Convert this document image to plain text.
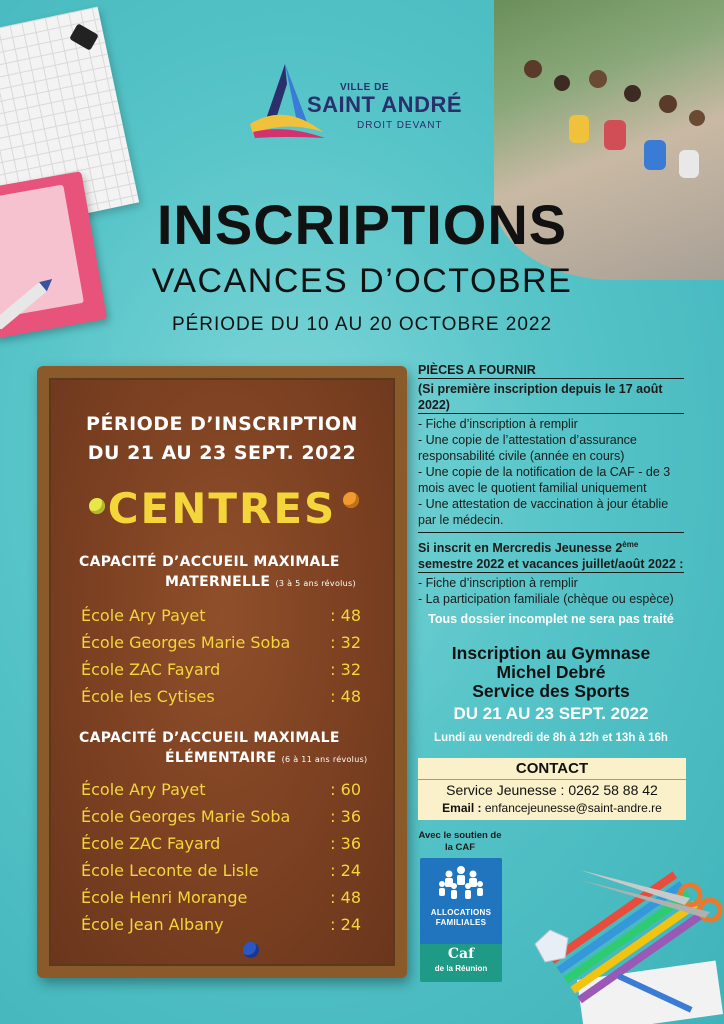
VILLE DE
SAINT ANDRÉ
DROIT DEVANT
INSCRIPTIONS
VACANCES D’OCTOBRE
PÉRIODE DU 10 AU 20 OCTOBRE 2022
PÉRIODE D’INSCRIPTION
DU 21 AU 23 SEPT. 2022
CENTRES
CAPACITÉ D’ACCUEIL MAXIMALE
MATERNELLE (3 à 5 ans révolus)
École Ary Payet	: 48
École Georges Marie Soba	: 32
École ZAC Fayard	: 32
École les Cytises	: 48
CAPACITÉ D’ACCUEIL MAXIMALE
ÉLÉMENTAIRE (6 à 11 ans révolus)
École Ary Payet	: 60
École Georges Marie Soba	: 36
École ZAC Fayard	: 36
École Leconte de Lisle	: 24
École Henri Morange	: 48
École Jean Albany	: 24
PIÈCES A FOURNIR
(Si première inscription depuis le 17 août 2022)
- Fiche d’inscription à remplir
- Une copie de l’attestation d’assurance responsabilité civile (année en cours)
- Une copie de la notification de la CAF - de 3 mois avec le quotient familial uniquement
- Une attestation de vaccination à jour établie par le médecin.
Si inscrit en Mercredis Jeunesse 2ème semestre 2022 et vacances juillet/août 2022 :
- Fiche d’inscription à remplir
- La participation familiale (chèque ou espèce)
Tous dossier incomplet ne sera pas traité
Inscription au Gymnase
Michel Debré
Service des Sports
DU 21 AU 23 SEPT. 2022
Lundi au vendredi de 8h à 12h et 13h à 16h
CONTACT
Service Jeunesse : 0262 58 88 42
Email : enfancejeunesse@saint-andre.re
Avec le soutien de la CAF
ALLOCATIONS
FAMILIALES
Caf
de la Réunion
